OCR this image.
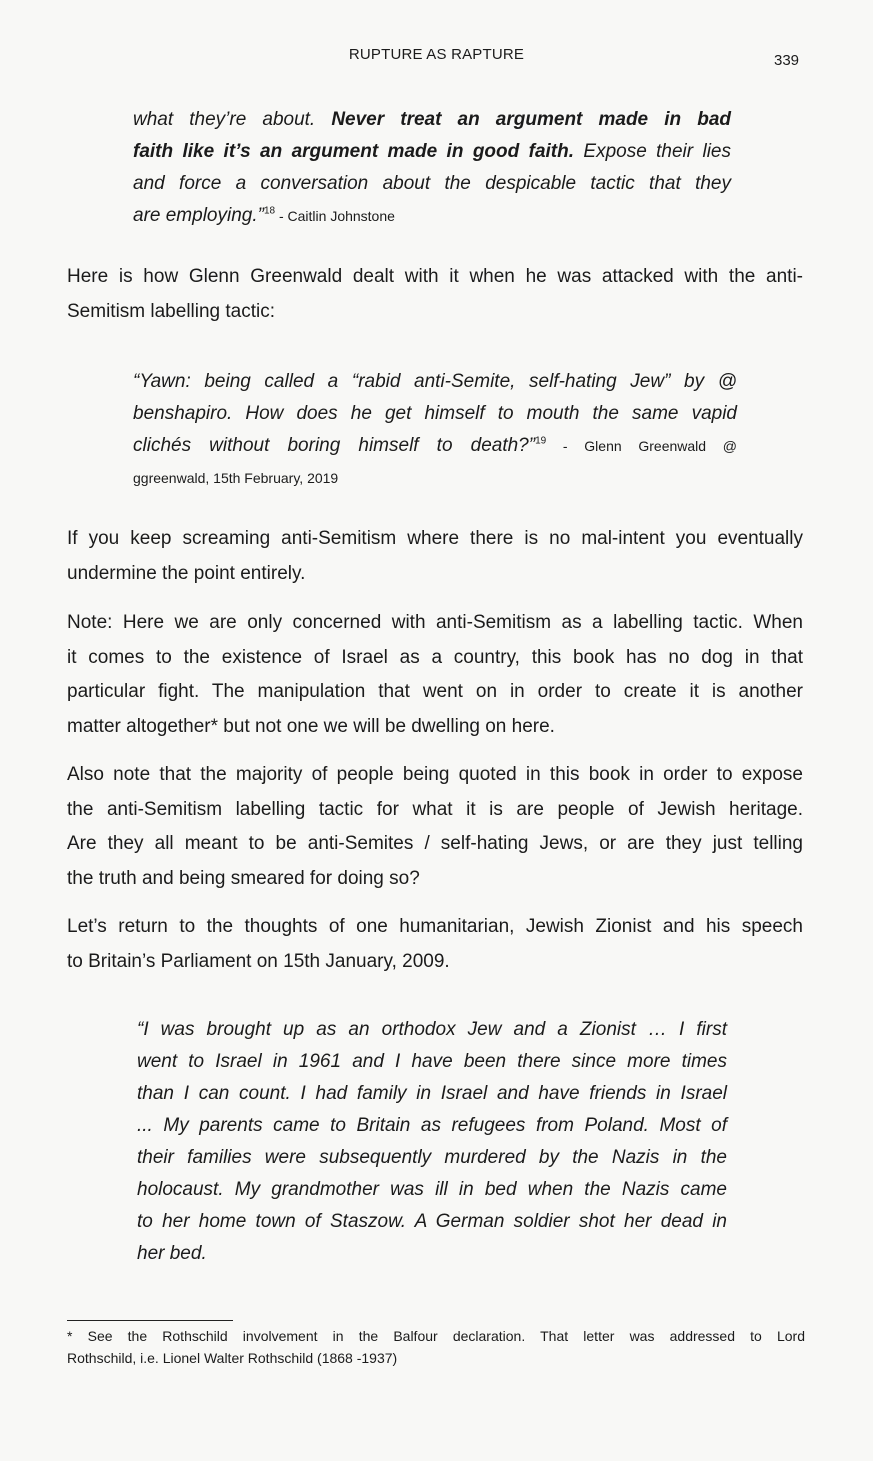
RUPTURE AS RAPTURE	339
what they’re about. Never treat an argument made in bad
faith like it’s an argument made in good faith. Expose their lies
and force a conversation about the despicable tactic that they
are employing.”$^{18}$ - Caitlin Johnstone
Here is how Glenn Greenwald dealt with it when he was attacked with the anti-
Semitism labelling tactic:
“Yawn: being called a “rabid anti-Semite, self-hating Jew” by @
benshapiro. How does he get himself to mouth the same vapid
clichés without boring himself to death?”$^{19}$ - Glenn Greenwald @
ggreenwald, 15th February, 2019
If you keep screaming anti-Semitism where there is no mal-intent you eventually
undermine the point entirely.
Note: Here we are only concerned with anti-Semitism as a labelling tactic. When
it comes to the existence of Israel as a country, this book has no dog in that
particular fight. The manipulation that went on in order to create it is another
matter altogether* but not one we will be dwelling on here.
Also note that the majority of people being quoted in this book in order to expose
the anti-Semitism labelling tactic for what it is are people of Jewish heritage.
Are they all meant to be anti-Semites / self-hating Jews, or are they just telling
the truth and being smeared for doing so?
Let’s return to the thoughts of one humanitarian, Jewish Zionist and his speech
to Britain’s Parliament on 15th January, 2009.
“I was brought up as an orthodox Jew and a Zionist … I first
went to Israel in 1961 and I have been there since more times
than I can count. I had family in Israel and have friends in Israel
... My parents came to Britain as refugees from Poland. Most of
their families were subsequently murdered by the Nazis in the
holocaust. My grandmother was ill in bed when the Nazis came
to her home town of Staszow. A German soldier shot her dead in
her bed.
* See the Rothschild involvement in the Balfour declaration. That letter was addressed to Lord
Rothschild, i.e. Lionel Walter Rothschild (1868 -1937)
